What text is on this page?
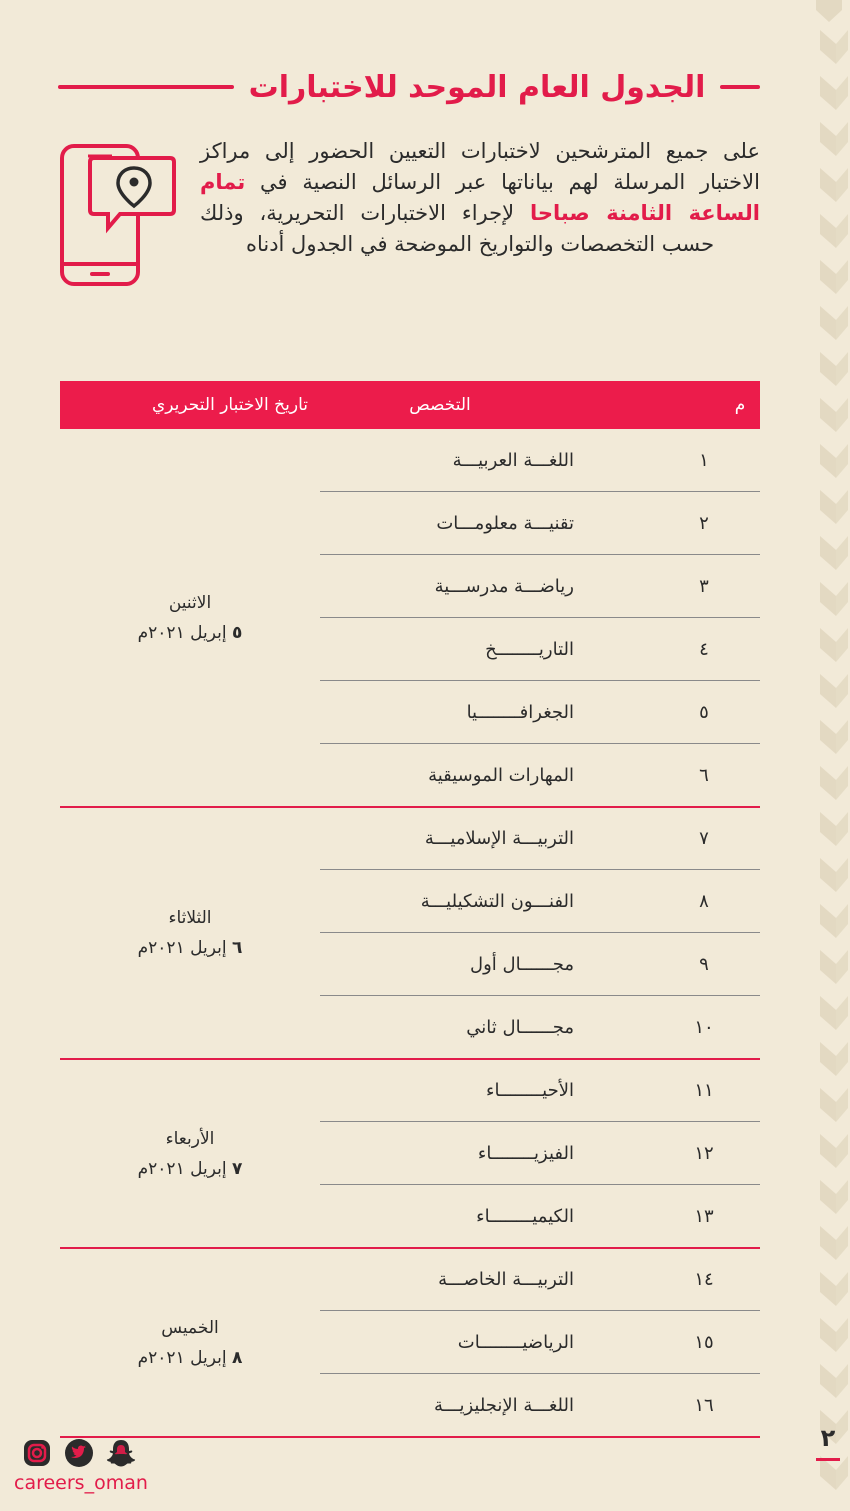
الجدول العام الموحد للاختبارات
على جميع المترشحين لاختبارات التعيين الحضور إلى مراكز الاختبار المرسلة لهم بياناتها عبر الرسائل النصية في تمام الساعة الثامنة صباحا لإجراء الاختبارات التحريرية، وذلك حسب التخصصات والتواريخ الموضحة في الجدول أدناه
م
التخصص
تاريخ الاختبار التحريري
١
اللغـــة العربيـــة
٢
تقنيـــة معلومـــات
٣
رياضـــة مدرســـية
٤
التاريــــــــخ
٥
الجغرافــــــــيا
٦
المهارات الموسيقية
٧
التربيـــة الإسلاميـــة
٨
الفنـــون التشكيليـــة
٩
مجــــــال أول
١٠
مجــــــال ثاني
١١
الأحيــــــــاء
١٢
الفيزيــــــــاء
١٣
الكيميــــــــاء
١٤
التربيـــة الخاصـــة
١٥
الرياضيــــــــات
١٦
اللغـــة الإنجليزيـــة
الاثنين
٥ إبريل ٢٠٢١م
الثلاثاء
٦ إبريل ٢٠٢١م
الأربعاء
٧ إبريل ٢٠٢١م
الخميس
٨ إبريل ٢٠٢١م
٢
careers_oman
